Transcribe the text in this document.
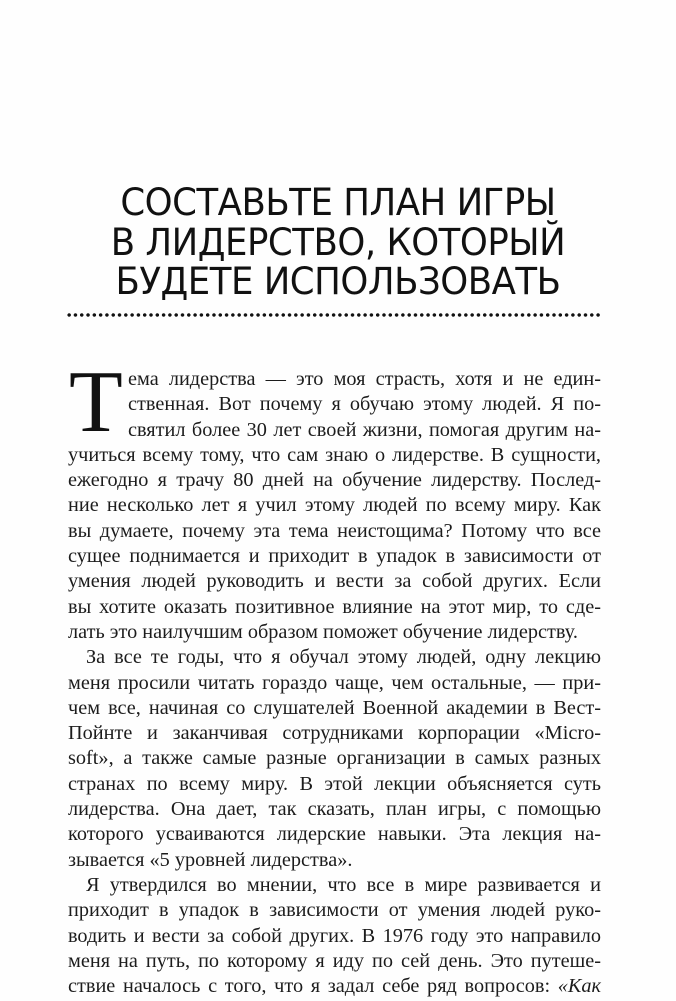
СОСТАВЬТЕ ПЛАН ИГРЫ
В ЛИДЕРСТВО, КОТОРЫЙ
БУДЕТЕ ИСПОЛЬЗОВАТЬ
Т ема лидерства — это моя страсть, хотя и не един-
ственная. Вот почему я обучаю этому людей. Я по-
святил более 30 лет своей жизни, помогая другим на-
учиться всему тому, что сам знаю о лидерстве. В сущности,
ежегодно я трачу 80 дней на обучение лидерству. Послед-
ние несколько лет я учил этому людей по всему миру. Как
вы думаете, почему эта тема неистощима? Потому что все
сущее поднимается и приходит в упадок в зависимости от
умения людей руководить и вести за собой других. Если
вы хотите оказать позитивное влияние на этот мир, то сде-
лать это наилучшим образом поможет обучение лидерству.
За все те годы, что я обучал этому людей, одну лекцию
меня просили читать гораздо чаще, чем остальные, — при-
чем все, начиная со слушателей Военной академии в Вест-
Пойнте и заканчивая сотрудниками корпорации «Micro-
soft», а также самые разные организации в самых разных
странах по всему миру. В этой лекции объясняется суть
лидерства. Она дает, так сказать, план игры, с помощью
которого усваиваются лидерские навыки. Эта лекция на-
зывается «5 уровней лидерства».
Я утвердился во мнении, что все в мире развивается и
приходит в упадок в зависимости от умения людей руко-
водить и вести за собой других. В 1976 году это направило
меня на путь, по которому я иду по сей день. Это путеше-
ствие началось с того, что я задал себе ряд вопросов: «Как
